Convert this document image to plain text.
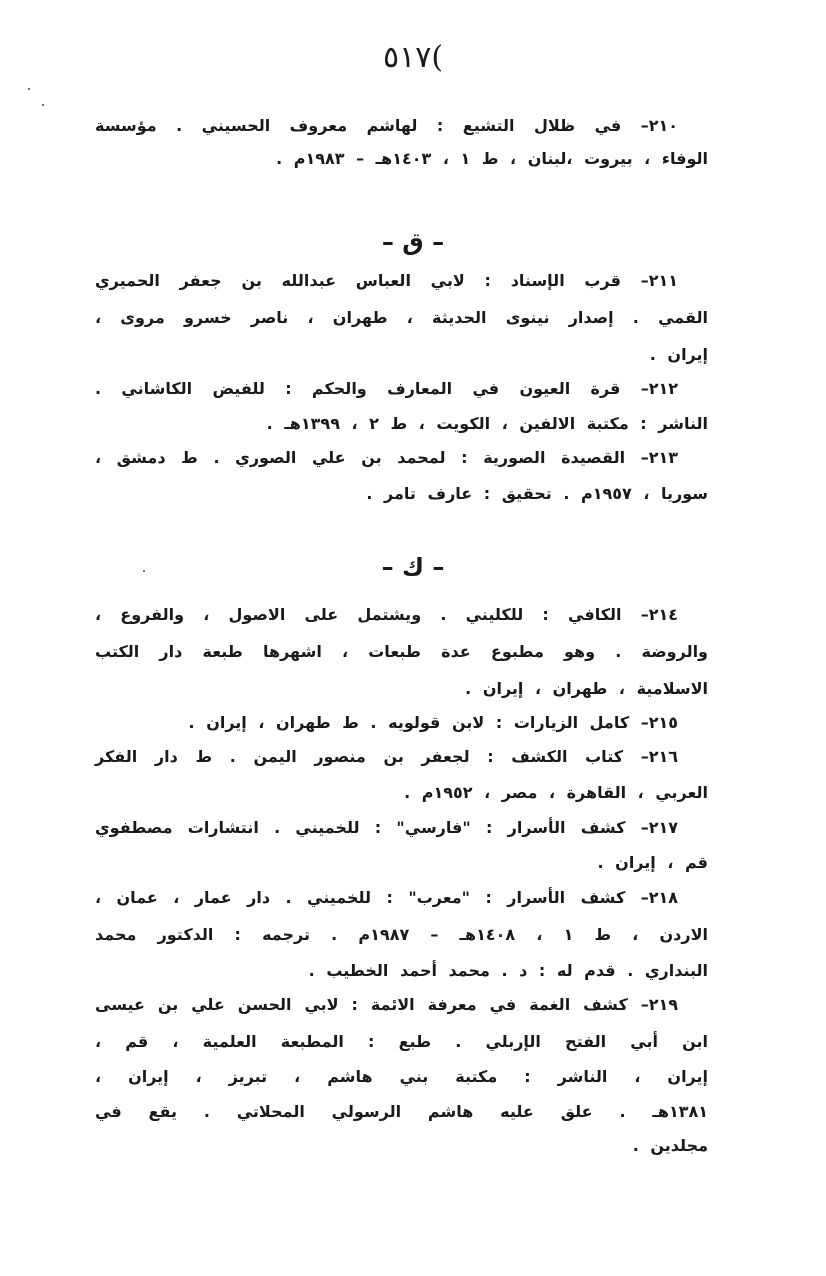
)٥١٧
٢١٠– في ظلال التشيع : لهاشم معروف الحسيني . مؤسسة
الوفاء ، بيروت ،لبنان ، ط ١ ، ١٤٠٣هـ – ١٩٨٣م .
– ق –
٢١١– قرب الإسناد : لابي العباس عبدالله بن جعفر الحميري
القمي . إصدار نينوى الحديثة ، طهران ، ناصر خسرو مروى ،
إيران .
٢١٢– قرة العيون في المعارف والحكم : للفيض الكاشاني .
الناشر : مكتبة الالفين ، الكويت ، ط ٢ ، ١٣٩٩هـ .
٢١٣– القصيدة الصورية : لمحمد بن علي الصوري . ط دمشق ،
سوريا ، ١٩٥٧م . تحقيق : عارف تامر .
– ك –
٢١٤– الكافي : للكليني . ويشتمل على الاصول ، والفروع ،
والروضة . وهو مطبوع عدة طبعات ، اشهرها طبعة دار الكتب
الاسلامية ، طهران ، إيران .
٢١٥– كامل الزيارات : لابن قولويه . ط طهران ، إيران .
٢١٦– كتاب الكشف : لجعفر بن منصور اليمن . ط دار الفكر
العربي ، القاهرة ، مصر ، ١٩٥٢م .
٢١٧– كشف الأسرار : "فارسي" : للخميني . انتشارات مصطفوي
قم ، إيران .
٢١٨– كشف الأسرار : "معرب" : للخميني . دار عمار ، عمان ،
الاردن ، ط ١ ، ١٤٠٨هـ – ١٩٨٧م . ترجمه : الدكتور محمد
البنداري . قدم له : د . محمد أحمد الخطيب .
٢١٩– كشف الغمة في معرفة الائمة : لابي الحسن علي بن عيسى
ابن أبي الفتح الإربلي . طبع : المطبعة العلمية ، قم ،
إيران ، الناشر : مكتبة بني هاشم ، تبريز ، إيران ،
١٣٨١هـ . علق عليه هاشم الرسولي المحلاتي . يقع في
مجلدين .
